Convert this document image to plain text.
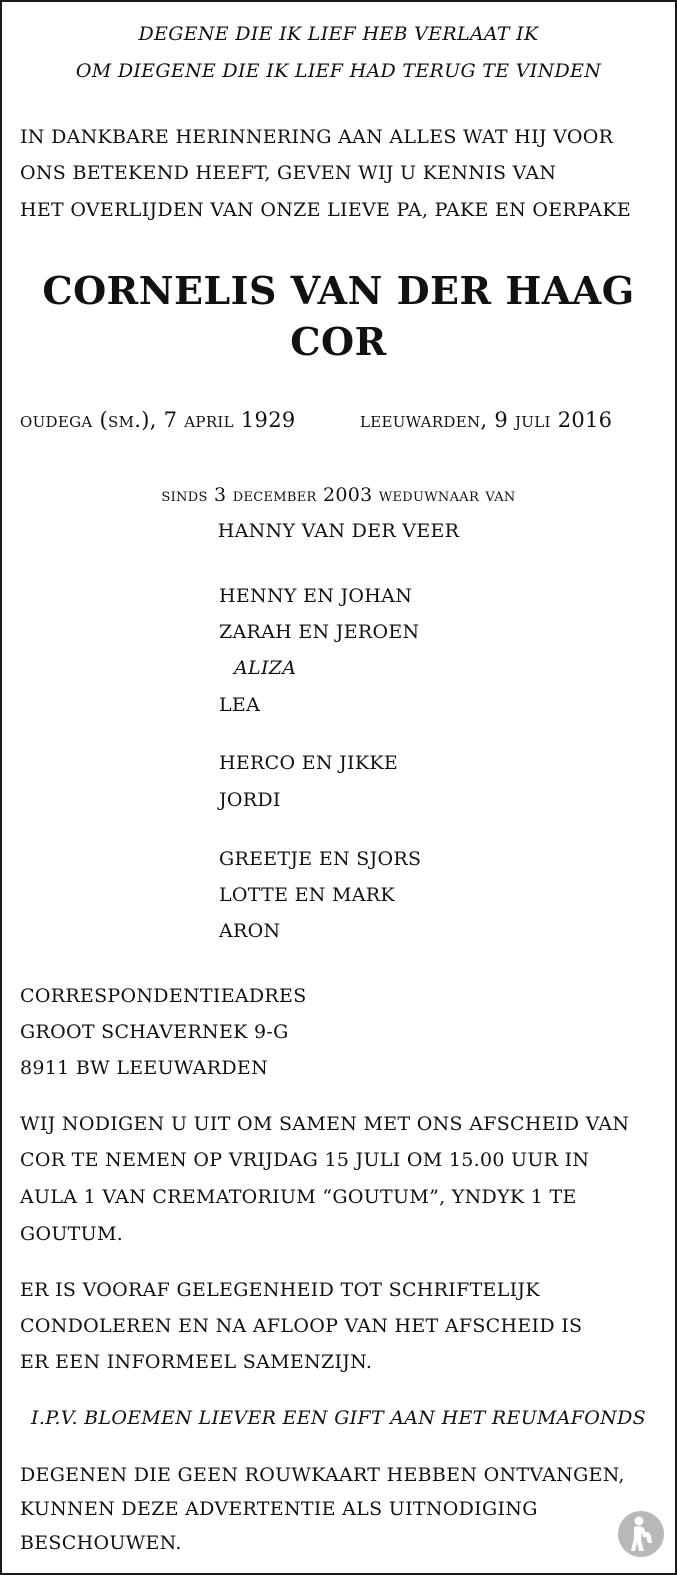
DEGENE DIE IK LIEF HEB VERLAAT IK
OM DIEGENE DIE IK LIEF HAD TERUG TE VINDEN
IN DANKBARE HERINNERING AAN ALLES WAT HIJ VOOR
ONS BETEKEND HEEFT, GEVEN WIJ U KENNIS VAN
HET OVERLIJDEN VAN ONZE LIEVE PA, PAKE EN OERPAKE
CORNELIS VAN DER HAAG
COR
oudega (sm.), 7 april 1929	leeuwarden, 9 juli 2016
sinds 3 december 2003 weduwnaar van
HANNY VAN DER VEER
HENNY EN JOHAN
ZARAH EN JEROEN
ALIZA
LEA
HERCO EN JIKKE
JORDI
GREETJE EN SJORS
LOTTE EN MARK
ARON
CORRESPONDENTIEADRES
GROOT SCHAVERNEK 9-G
8911 BW LEEUWARDEN
WIJ NODIGEN U UIT OM SAMEN MET ONS AFSCHEID VAN
COR TE NEMEN OP VRIJDAG 15 JULI OM 15.00 UUR IN
AULA 1 VAN CREMATORIUM “GOUTUM”, YNDYK 1 TE
GOUTUM.
ER IS VOORAF GELEGENHEID TOT SCHRIFTELIJK
CONDOLEREN EN NA AFLOOP VAN HET AFSCHEID IS
ER EEN INFORMEEL SAMENZIJN.
I.P.V. BLOEMEN LIEVER EEN GIFT AAN HET REUMAFONDS
DEGENEN DIE GEEN ROUWKAART HEBBEN ONTVANGEN,
KUNNEN DEZE ADVERTENTIE ALS UITNODIGING
BESCHOUWEN.
